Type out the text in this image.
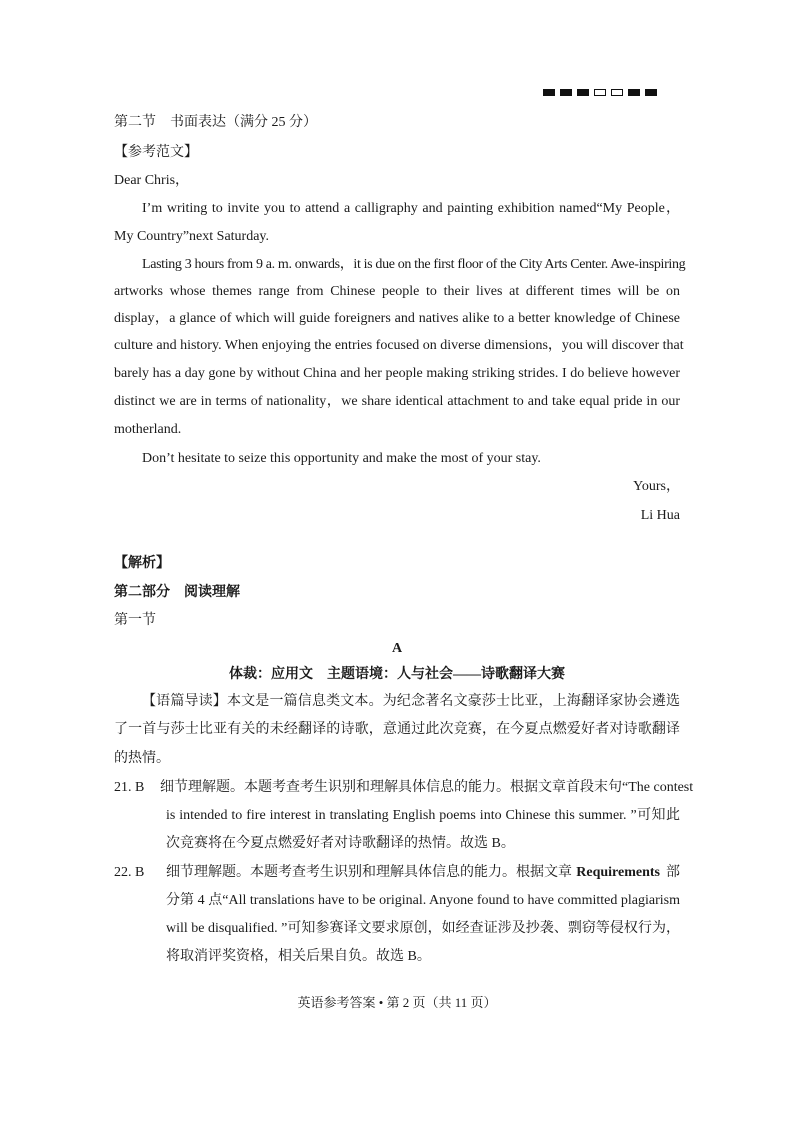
第二节　书面表达（满分 25 分）
【参考范文】
Dear Chris，
I’m writing to invite you to attend a calligraphy and painting exhibition named“My People，
My Country”next Saturday.
Lasting 3 hours from 9 a. m. onwards，it is due on the first floor of the City Arts Center. Awe-inspiring
artworks whose themes range from Chinese people to their lives at different times will be on
display，a glance of which will guide foreigners and natives alike to a better knowledge of Chinese
culture and history. When enjoying the entries focused on diverse dimensions，you will discover that
barely has a day gone by without China and her people making striking strides. I do believe however
distinct we are in terms of nationality，we share identical attachment to and take equal pride in our
motherland.
Don’t hesitate to seize this opportunity and make the most of your stay.
Yours，
Li Hua
【解析】
第二部分　阅读理解
第一节
A
体裁：应用文　主题语境：人与社会——诗歌翻译大赛
【语篇导读】本文是一篇信息类文本。为纪念著名文豪莎士比亚，上海翻译家协会遴选
了一首与莎士比亚有关的未经翻译的诗歌，意通过此次竞赛，在今夏点燃爱好者对诗歌翻译
的热情。
21. B 细节理解题。本题考查考生识别和理解具体信息的能力。根据文章首段末句“The contest
is intended to fire interest in translating English poems into Chinese this summer. ”可知此
次竞赛将在今夏点燃爱好者对诗歌翻译的热情。故选 B。
22. B 细节理解题。本题考查考生识别和理解具体信息的能力。根据文章 Requirements 部
分第 4 点“All translations have to be original. Anyone found to have committed plagiarism
will be disqualified. ”可知参赛译文要求原创，如经查证涉及抄袭、剽窃等侵权行为，
将取消评奖资格，相关后果自负。故选 B。
英语参考答案 • 第 2 页（共 11 页）
